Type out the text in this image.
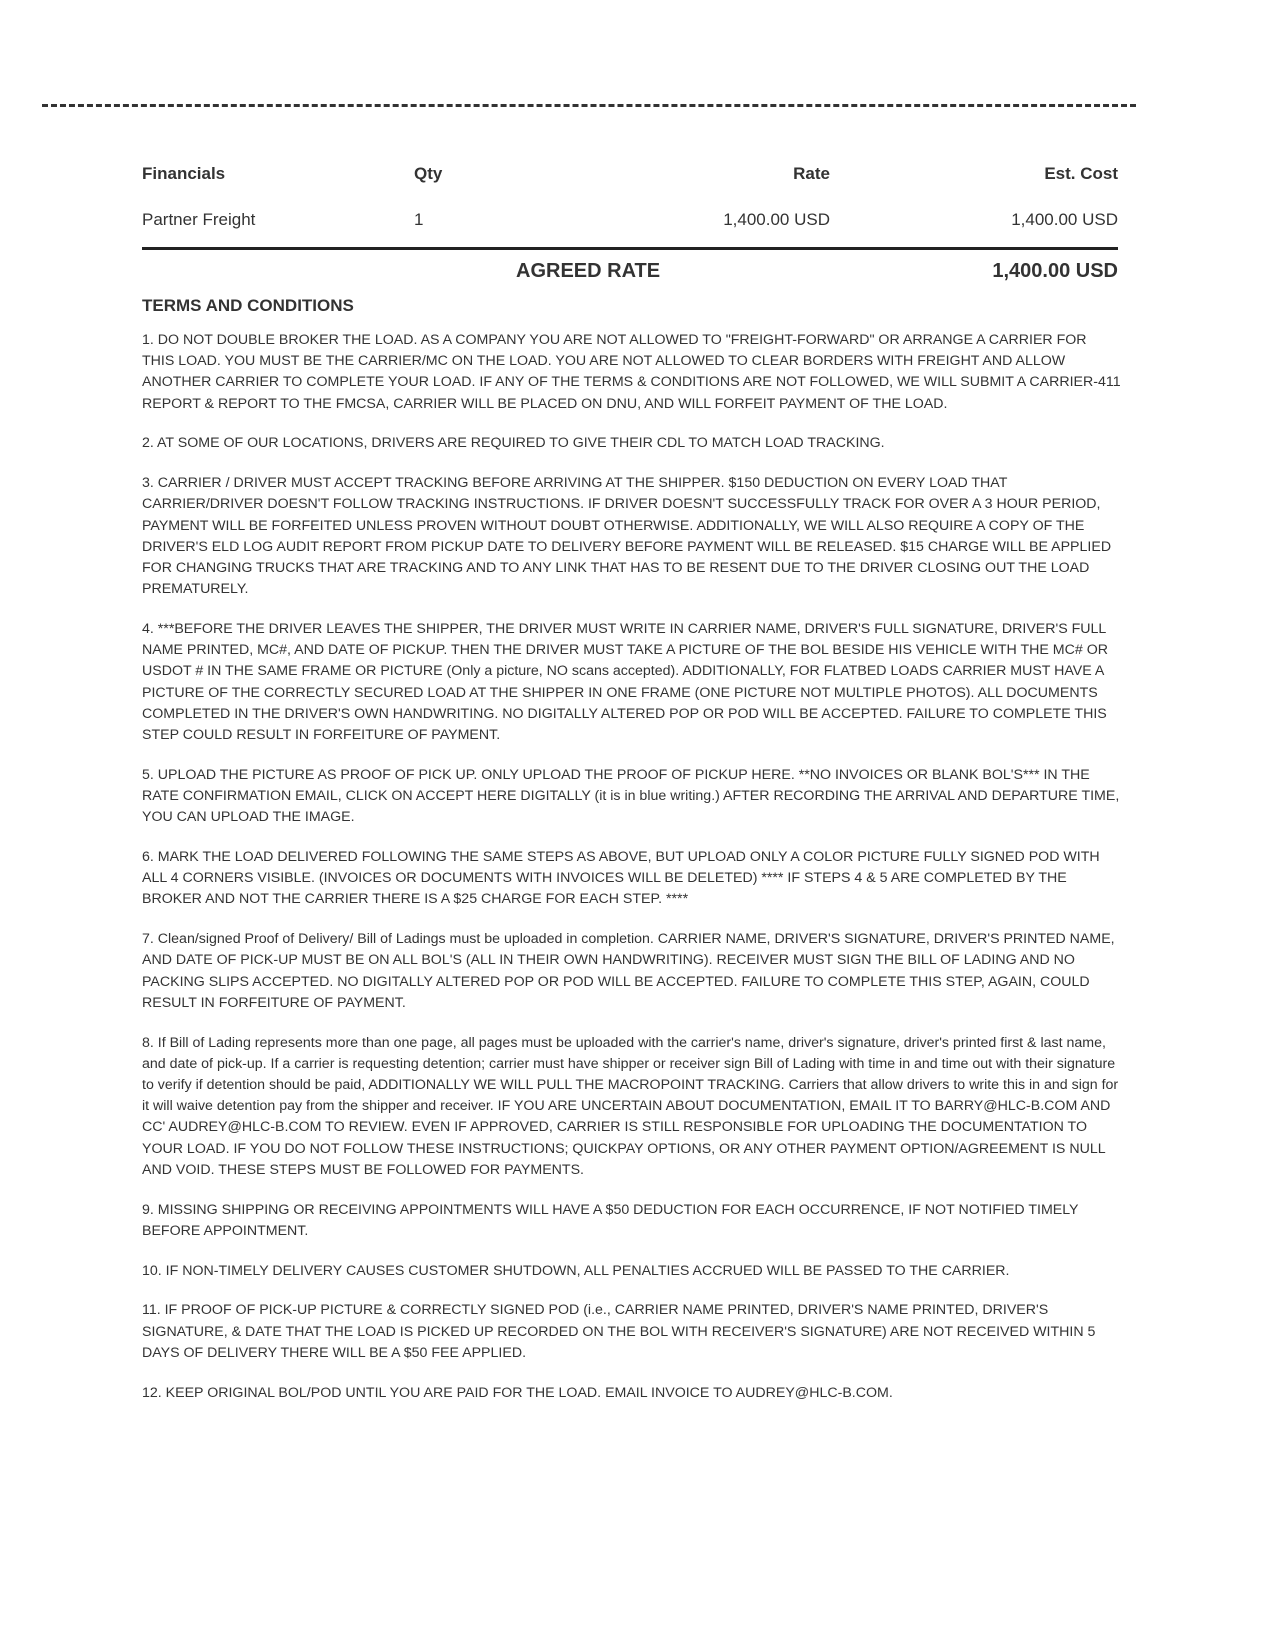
Financials	Qty	Rate	Est. Cost
Partner Freight	1	1,400.00 USD	1,400.00 USD
AGREED RATE	1,400.00 USD
TERMS AND CONDITIONS

1. DO NOT DOUBLE BROKER THE LOAD. AS A COMPANY YOU ARE NOT ALLOWED TO "FREIGHT-FORWARD" OR ARRANGE A CARRIER FOR THIS LOAD. YOU MUST BE THE CARRIER/MC ON THE LOAD. YOU ARE NOT ALLOWED TO CLEAR BORDERS WITH FREIGHT AND ALLOW ANOTHER CARRIER TO COMPLETE YOUR LOAD. IF ANY OF THE TERMS & CONDITIONS ARE NOT FOLLOWED, WE WILL SUBMIT A CARRIER-411 REPORT & REPORT TO THE FMCSA, CARRIER WILL BE PLACED ON DNU, AND WILL FORFEIT PAYMENT OF THE LOAD.

2. AT SOME OF OUR LOCATIONS, DRIVERS ARE REQUIRED TO GIVE THEIR CDL TO MATCH LOAD TRACKING.

3. CARRIER / DRIVER MUST ACCEPT TRACKING BEFORE ARRIVING AT THE SHIPPER. $150 DEDUCTION ON EVERY LOAD THAT CARRIER/DRIVER DOESN'T FOLLOW TRACKING INSTRUCTIONS. IF DRIVER DOESN'T SUCCESSFULLY TRACK FOR OVER A 3 HOUR PERIOD, PAYMENT WILL BE FORFEITED UNLESS PROVEN WITHOUT DOUBT OTHERWISE. ADDITIONALLY, WE WILL ALSO REQUIRE A COPY OF THE DRIVER'S ELD LOG AUDIT REPORT FROM PICKUP DATE TO DELIVERY BEFORE PAYMENT WILL BE RELEASED. $15 CHARGE WILL BE APPLIED FOR CHANGING TRUCKS THAT ARE TRACKING AND TO ANY LINK THAT HAS TO BE RESENT DUE TO THE DRIVER CLOSING OUT THE LOAD PREMATURELY.

4. ***BEFORE THE DRIVER LEAVES THE SHIPPER, THE DRIVER MUST WRITE IN CARRIER NAME, DRIVER'S FULL SIGNATURE, DRIVER'S FULL NAME PRINTED, MC#, AND DATE OF PICKUP. THEN THE DRIVER MUST TAKE A PICTURE OF THE BOL BESIDE HIS VEHICLE WITH THE MC# OR USDOT # IN THE SAME FRAME OR PICTURE (Only a picture, NO scans accepted). ADDITIONALLY, FOR FLATBED LOADS CARRIER MUST HAVE A PICTURE OF THE CORRECTLY SECURED LOAD AT THE SHIPPER IN ONE FRAME (ONE PICTURE NOT MULTIPLE PHOTOS). ALL DOCUMENTS COMPLETED IN THE DRIVER'S OWN HANDWRITING. NO DIGITALLY ALTERED POP OR POD WILL BE ACCEPTED. FAILURE TO COMPLETE THIS STEP COULD RESULT IN FORFEITURE OF PAYMENT.

5. UPLOAD THE PICTURE AS PROOF OF PICK UP. ONLY UPLOAD THE PROOF OF PICKUP HERE. **NO INVOICES OR BLANK BOL'S*** IN THE RATE CONFIRMATION EMAIL, CLICK ON ACCEPT HERE DIGITALLY (it is in blue writing.) AFTER RECORDING THE ARRIVAL AND DEPARTURE TIME, YOU CAN UPLOAD THE IMAGE.

6. MARK THE LOAD DELIVERED FOLLOWING THE SAME STEPS AS ABOVE, BUT UPLOAD ONLY A COLOR PICTURE FULLY SIGNED POD WITH ALL 4 CORNERS VISIBLE. (INVOICES OR DOCUMENTS WITH INVOICES WILL BE DELETED) **** IF STEPS 4 & 5 ARE COMPLETED BY THE BROKER AND NOT THE CARRIER THERE IS A $25 CHARGE FOR EACH STEP. ****

7. Clean/signed Proof of Delivery/ Bill of Ladings must be uploaded in completion. CARRIER NAME, DRIVER'S SIGNATURE, DRIVER'S PRINTED NAME, AND DATE OF PICK-UP MUST BE ON ALL BOL'S (ALL IN THEIR OWN HANDWRITING). RECEIVER MUST SIGN THE BILL OF LADING AND NO PACKING SLIPS ACCEPTED. NO DIGITALLY ALTERED POP OR POD WILL BE ACCEPTED. FAILURE TO COMPLETE THIS STEP, AGAIN, COULD RESULT IN FORFEITURE OF PAYMENT.

8. If Bill of Lading represents more than one page, all pages must be uploaded with the carrier's name, driver's signature, driver's printed first & last name, and date of pick-up. If a carrier is requesting detention; carrier must have shipper or receiver sign Bill of Lading with time in and time out with their signature to verify if detention should be paid, ADDITIONALLY WE WILL PULL THE MACROPOINT TRACKING. Carriers that allow drivers to write this in and sign for it will waive detention pay from the shipper and receiver. IF YOU ARE UNCERTAIN ABOUT DOCUMENTATION, EMAIL IT TO BARRY@HLC-B.COM AND CC' AUDREY@HLC-B.COM TO REVIEW. EVEN IF APPROVED, CARRIER IS STILL RESPONSIBLE FOR UPLOADING THE DOCUMENTATION TO YOUR LOAD. IF YOU DO NOT FOLLOW THESE INSTRUCTIONS; QUICKPAY OPTIONS, OR ANY OTHER PAYMENT OPTION/AGREEMENT IS NULL AND VOID. THESE STEPS MUST BE FOLLOWED FOR PAYMENTS.

9. MISSING SHIPPING OR RECEIVING APPOINTMENTS WILL HAVE A $50 DEDUCTION FOR EACH OCCURRENCE, IF NOT NOTIFIED TIMELY BEFORE APPOINTMENT.

10. IF NON-TIMELY DELIVERY CAUSES CUSTOMER SHUTDOWN, ALL PENALTIES ACCRUED WILL BE PASSED TO THE CARRIER.

11. IF PROOF OF PICK-UP PICTURE & CORRECTLY SIGNED POD (i.e., CARRIER NAME PRINTED, DRIVER'S NAME PRINTED, DRIVER'S SIGNATURE, & DATE THAT THE LOAD IS PICKED UP RECORDED ON THE BOL WITH RECEIVER'S SIGNATURE) ARE NOT RECEIVED WITHIN 5 DAYS OF DELIVERY THERE WILL BE A $50 FEE APPLIED.

12. KEEP ORIGINAL BOL/POD UNTIL YOU ARE PAID FOR THE LOAD. EMAIL INVOICE TO AUDREY@HLC-B.COM.
